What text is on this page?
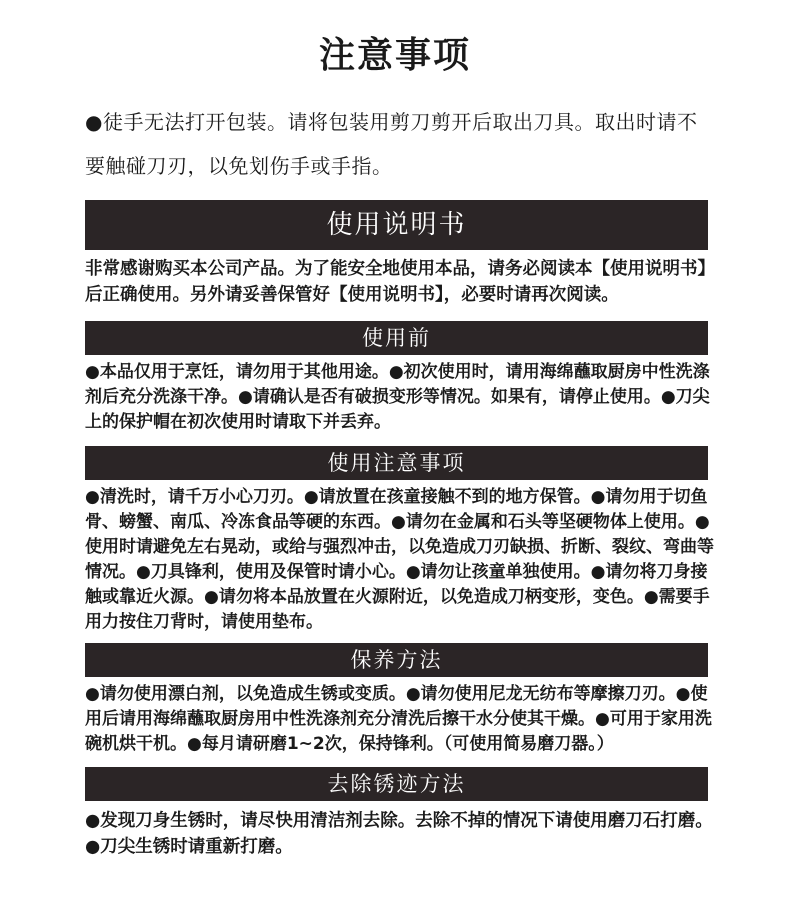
注意事项

●徒手无法打开包装。请将包装用剪刀剪开后取出刀具。取出时请不要触碰刀刃，以免划伤手或手指。

使用说明书

非常感谢购买本公司产品。为了能安全地使用本品，请务必阅读本【使用说明书】后正确使用。另外请妥善保管好【使用说明书】，必要时请再次阅读。

使用前

●本品仅用于烹饪，请勿用于其他用途。●初次使用时，请用海绵蘸取厨房中性洗涤剂后充分洗涤干净。●请确认是否有破损变形等情况。如果有，请停止使用。●刀尖上的保护帽在初次使用时请取下并丢弃。

使用注意事项

●清洗时，请千万小心刀刃。●请放置在孩童接触不到的地方保管。●请勿用于切鱼骨、螃蟹、南瓜、冷冻食品等硬的东西。●请勿在金属和石头等坚硬物体上使用。●使用时请避免左右晃动，或给与强烈冲击，以免造成刀刃缺损、折断、裂纹、弯曲等情况。●刀具锋利，使用及保管时请小心。●请勿让孩童单独使用。●请勿将刀身接触或靠近火源。●请勿将本品放置在火源附近，以免造成刀柄变形，变色。●需要手用力按住刀背时，请使用垫布。

保养方法

●请勿使用漂白剂，以免造成生锈或变质。●请勿使用尼龙无纺布等摩擦刀刃。●使用后请用海绵蘸取厨房用中性洗涤剂充分清洗后擦干水分使其干燥。●可用于家用洗碗机烘干机。●每月请研磨1~2次，保持锋利。（可使用简易磨刀器。）

去除锈迹方法

●发现刀身生锈时，请尽快用清洁剂去除。去除不掉的情况下请使用磨刀石打磨。●刀尖生锈时请重新打磨。
